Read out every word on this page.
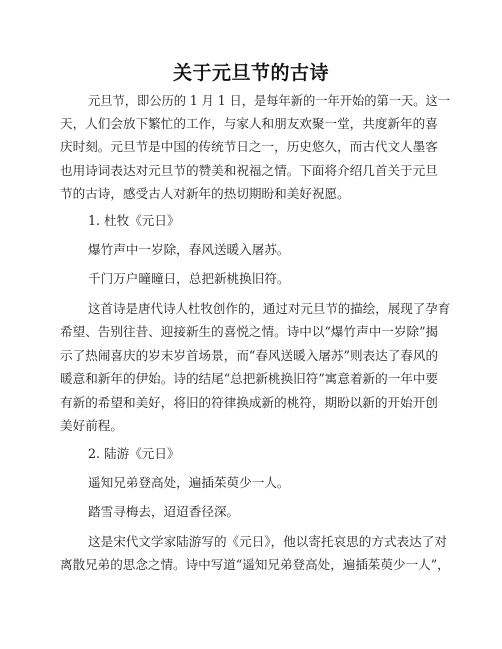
关于元旦节的古诗
元旦节，即公历的 1 月 1 日，是每年新的一年开始的第一天。这一
天，人们会放下繁忙的工作，与家人和朋友欢聚一堂，共度新年的喜
庆时刻。元旦节是中国的传统节日之一，历史悠久，而古代文人墨客
也用诗词表达对元旦节的赞美和祝福之情。下面将介绍几首关于元旦
节的古诗，感受古人对新年的热切期盼和美好祝愿。
1. 杜牧《元日》
爆竹声中一岁除，春风送暖入屠苏。
千门万户曈曈日，总把新桃换旧符。
这首诗是唐代诗人杜牧创作的，通过对元旦节的描绘，展现了孕育
希望、告别往昔、迎接新生的喜悦之情。诗中以“爆竹声中一岁除”揭
示了热闹喜庆的岁末岁首场景，而“春风送暖入屠苏”则表达了春风的
暖意和新年的伊始。诗的结尾“总把新桃换旧符”寓意着新的一年中要
有新的希望和美好，将旧的符律换成新的桃符，期盼以新的开始开创
美好前程。
2. 陆游《元日》
遥知兄弟登高处，遍插茱萸少一人。
踏雪寻梅去，迢迢香径深。
这是宋代文学家陆游写的《元日》，他以寄托哀思的方式表达了对
离散兄弟的思念之情。诗中写道“遥知兄弟登高处，遍插茱萸少一人”，
